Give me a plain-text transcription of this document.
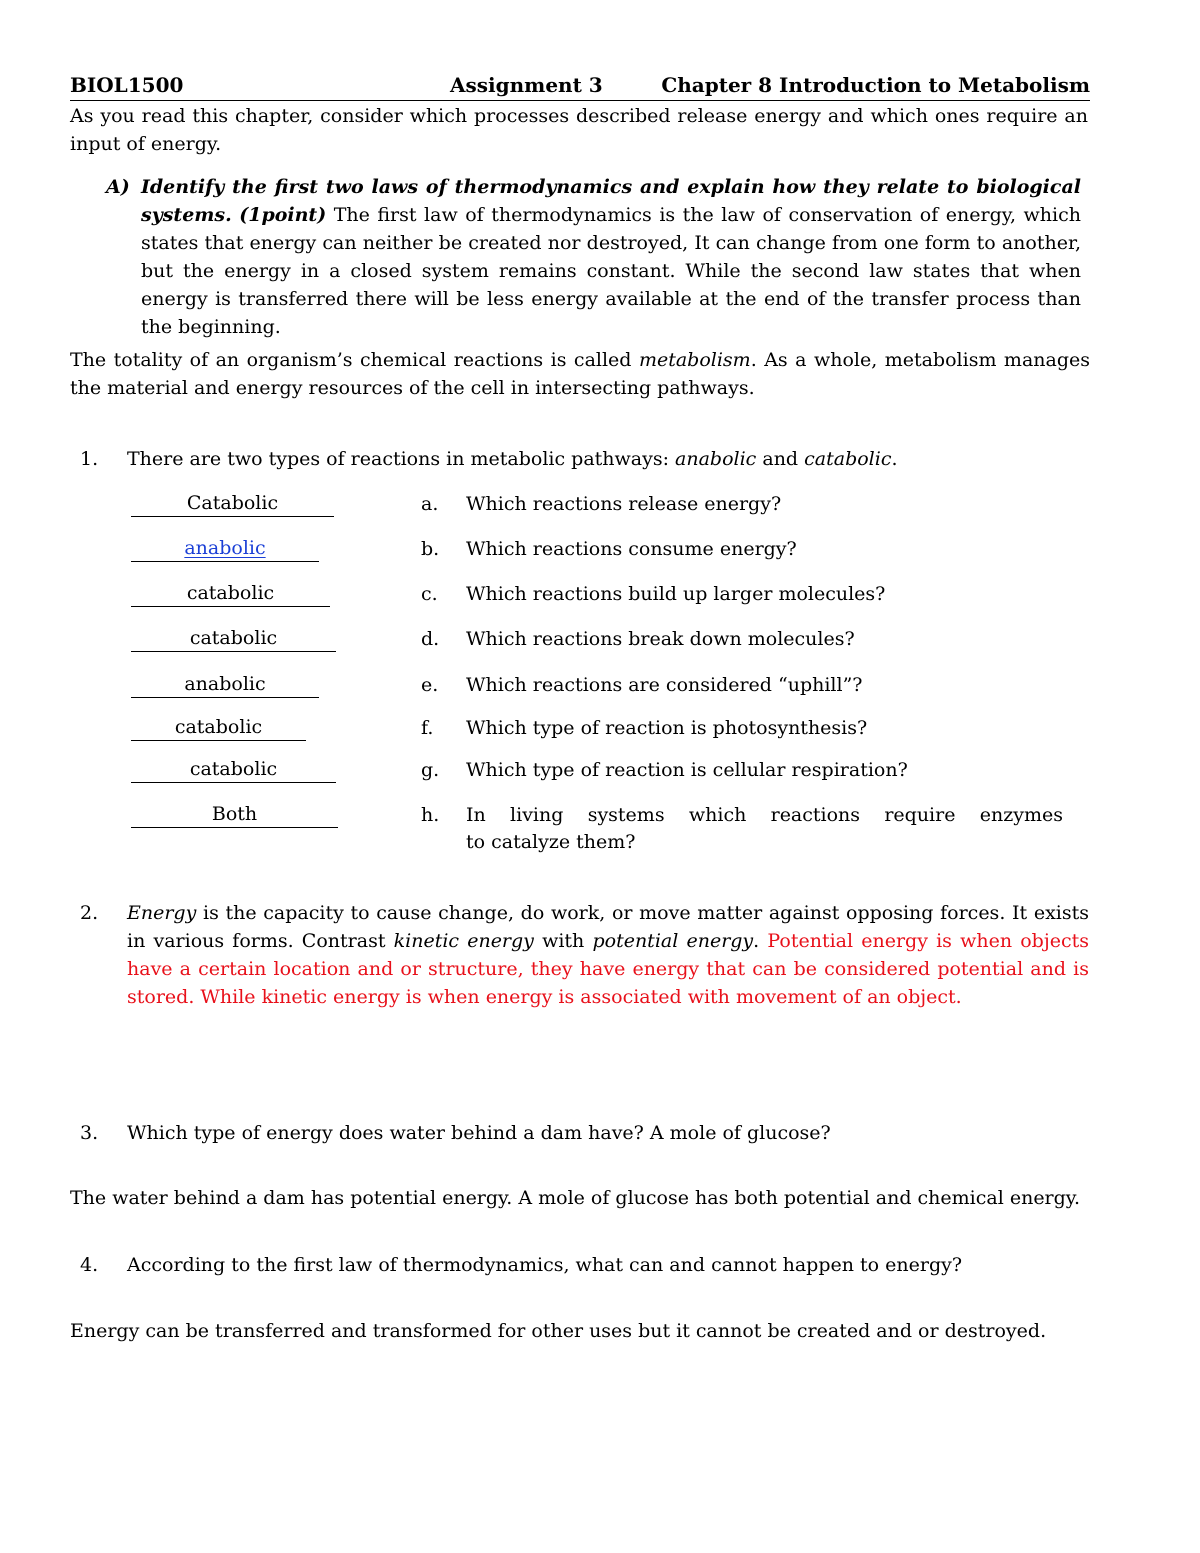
BIOL1500	Assignment 3	Chapter 8 Introduction to Metabolism
As you read this chapter, consider which processes described release energy and which ones require an input of energy.
A) Identify the first two laws of thermodynamics and explain how they relate to biological systems. (1point) The first law of thermodynamics is the law of conservation of energy, which states that energy can neither be created nor destroyed, It can change from one form to another, but the energy in a closed system remains constant. While the second law states that when energy is transferred there will be less energy available at the end of the transfer process than the beginning.
The totality of an organism’s chemical reactions is called metabolism. As a whole, metabolism manages the material and energy resources of the cell in intersecting pathways.
1. There are two types of reactions in metabolic pathways: anabolic and catabolic.
Catabolic	a. Which reactions release energy?
anabolic	b. Which reactions consume energy?
catabolic	c. Which reactions build up larger molecules?
catabolic	d. Which reactions break down molecules?
anabolic	e. Which reactions are considered “uphill”?
catabolic	f. Which type of reaction is photosynthesis?
catabolic	g. Which type of reaction is cellular respiration?
Both	h. In living systems which reactions require enzymes
to catalyze them?
2. Energy is the capacity to cause change, do work, or move matter against opposing forces. It exists in various forms. Contrast kinetic energy with potential energy. Potential energy is when objects have a certain location and or structure, they have energy that can be considered potential and is stored. While kinetic energy is when energy is associated with movement of an object.
3. Which type of energy does water behind a dam have? A mole of glucose?
The water behind a dam has potential energy. A mole of glucose has both potential and chemical energy.
4. According to the first law of thermodynamics, what can and cannot happen to energy?
Energy can be transferred and transformed for other uses but it cannot be created and or destroyed.
